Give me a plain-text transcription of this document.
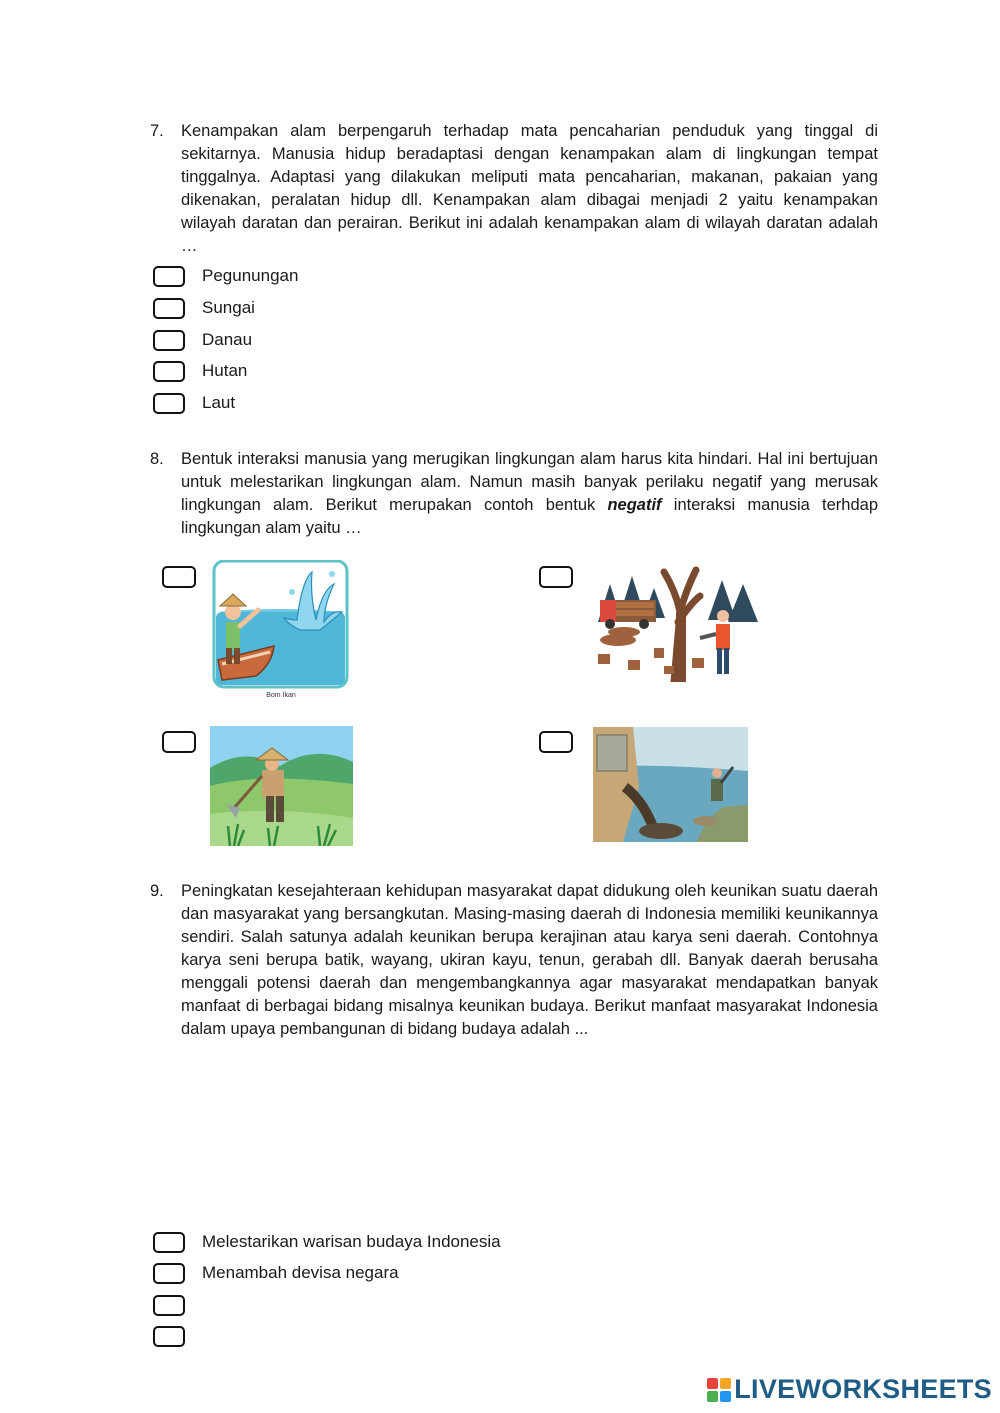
7. Kenampakan alam berpengaruh terhadap mata pencaharian penduduk yang tinggal di sekitarnya. Manusia hidup beradaptasi dengan kenampakan alam di lingkungan tempat tinggalnya. Adaptasi yang dilakukan meliputi mata pencaharian, makanan, pakaian yang dikenakan, peralatan hidup dll. Kenampakan alam dibagai menjadi 2 yaitu kenampakan wilayah daratan dan perairan. Berikut ini adalah kenampakan alam di wilayah daratan adalah …
Pegunungan
Sungai
Danau
Hutan
Laut
8. Bentuk interaksi manusia yang merugikan lingkungan alam harus kita hindari. Hal ini bertujuan untuk melestarikan lingkungan alam. Namun masih banyak perilaku negatif yang merusak lingkungan alam. Berikut merupakan contoh bentuk negatif interaksi manusia terhdap lingkungan alam yaitu …
Bom Ikan
9. Peningkatan kesejahteraan kehidupan masyarakat dapat didukung oleh keunikan suatu daerah dan masyarakat yang bersangkutan. Masing-masing daerah di Indonesia memiliki keunikannya sendiri. Salah satunya adalah keunikan berupa kerajinan atau karya seni daerah. Contohnya karya seni berupa batik, wayang, ukiran kayu, tenun, gerabah dll. Banyak daerah berusaha menggali potensi daerah dan mengembangkannya agar masyarakat mendapatkan banyak manfaat di berbagai bidang misalnya keunikan budaya. Berikut manfaat masyarakat Indonesia dalam upaya pembangunan di bidang budaya adalah ...
Melestarikan warisan budaya Indonesia
Menambah devisa negara
LIVEWORKSHEETS
